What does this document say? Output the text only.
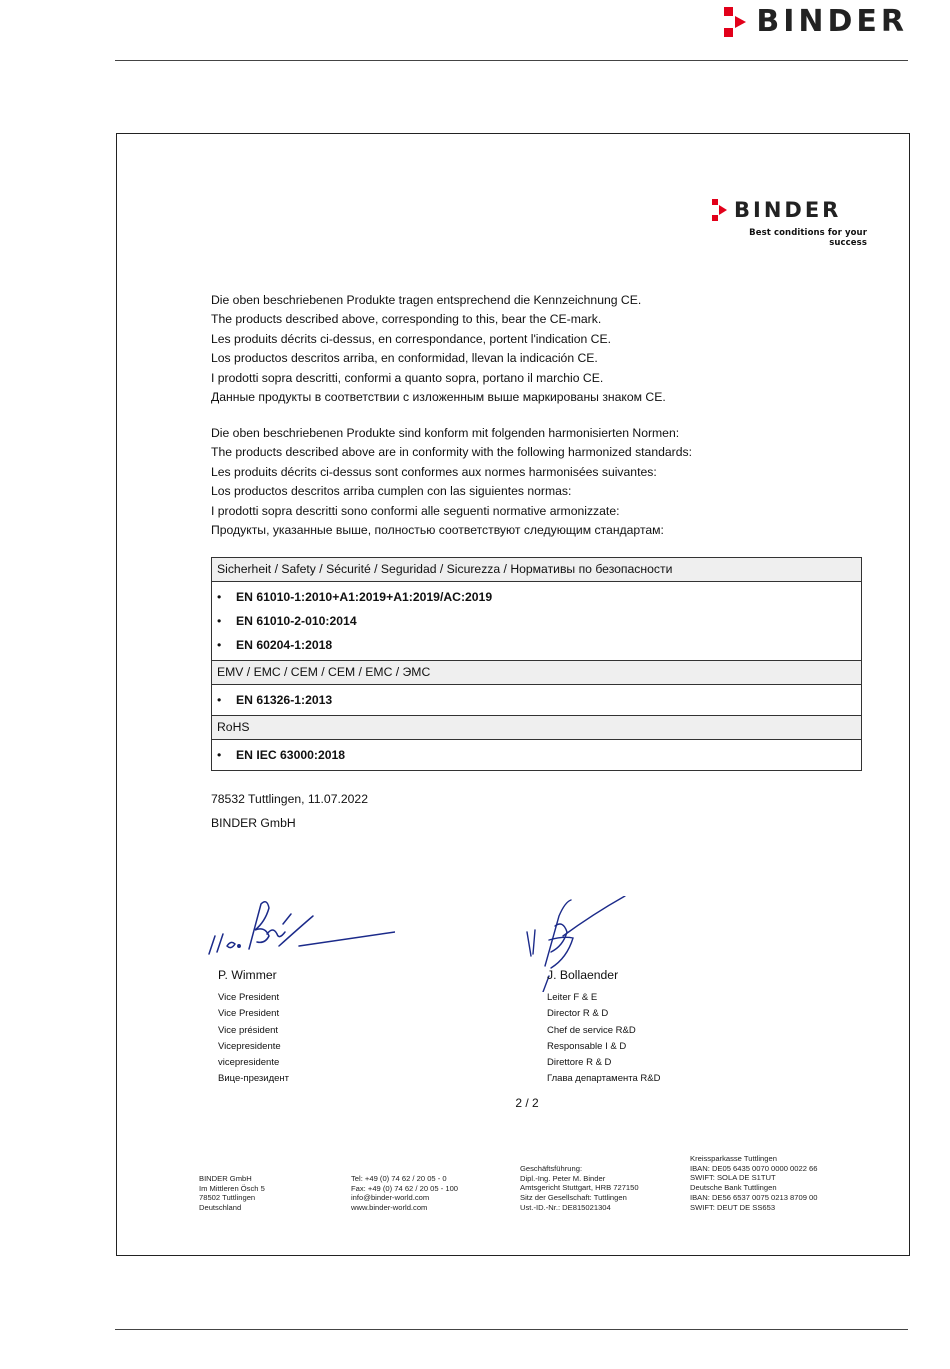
BINDER
BINDER
Best conditions for your success
Die oben beschriebenen Produkte tragen entsprechend die Kennzeichnung CE.
The products described above, corresponding to this, bear the CE-mark.
Les produits décrits ci-dessus, en correspondance, portent l'indication CE.
Los productos descritos arriba, en conformidad, llevan la indicación CE.
I prodotti sopra descritti, conformi a quanto sopra, portano il marchio CE.
Данные продукты в соответствии с изложенным выше маркированы знаком CE.
Die oben beschriebenen Produkte sind konform mit folgenden harmonisierten Normen:
The products described above are in conformity with the following harmonized standards:
Les produits décrits ci-dessus sont conformes aux normes harmonisées suivantes:
Los productos descritos arriba cumplen con las siguientes normas:
I prodotti sopra descritti sono conformi alle seguenti normative armonizzate:
Продукты, указанные выше, полностью соответствуют следующим стандартам:
Sicherheit / Safety / Sécurité / Seguridad / Sicurezza / Нормативы по безопасности
• EN 61010-1:2010+A1:2019+A1:2019/AC:2019
• EN 61010-2-010:2014
• EN 60204-1:2018
EMV / EMC / CEM / CEM / EMC / ЭМС
• EN 61326-1:2013
RoHS
• EN IEC 63000:2018
78532 Tuttlingen, 11.07.2022
BINDER GmbH
P. Wimmer
Vice President
Vice President
Vice président
Vicepresidente
vicepresidente
Вице-президент
J. Bollaender
Leiter F & E
Director R & D
Chef de service R&D
Responsable I & D
Direttore R & D
Глава департамента R&D
2 / 2
BINDER GmbH
Im Mittleren Ösch 5
78502 Tuttlingen
Deutschland
Tel: +49 (0) 74 62 / 20 05 - 0
Fax: +49 (0) 74 62 / 20 05 - 100
info@binder-world.com
www.binder-world.com
Geschäftsführung:
Dipl.-Ing. Peter M. Binder
Amtsgericht Stuttgart, HRB 727150
Sitz der Gesellschaft: Tuttlingen
Ust.-ID.-Nr.: DE815021304
Kreissparkasse Tuttlingen
IBAN: DE05 6435 0070 0000 0022 66
SWIFT: SOLA DE S1TUT
Deutsche Bank Tuttlingen
IBAN: DE56 6537 0075 0213 8709 00
SWIFT: DEUT DE SS653
